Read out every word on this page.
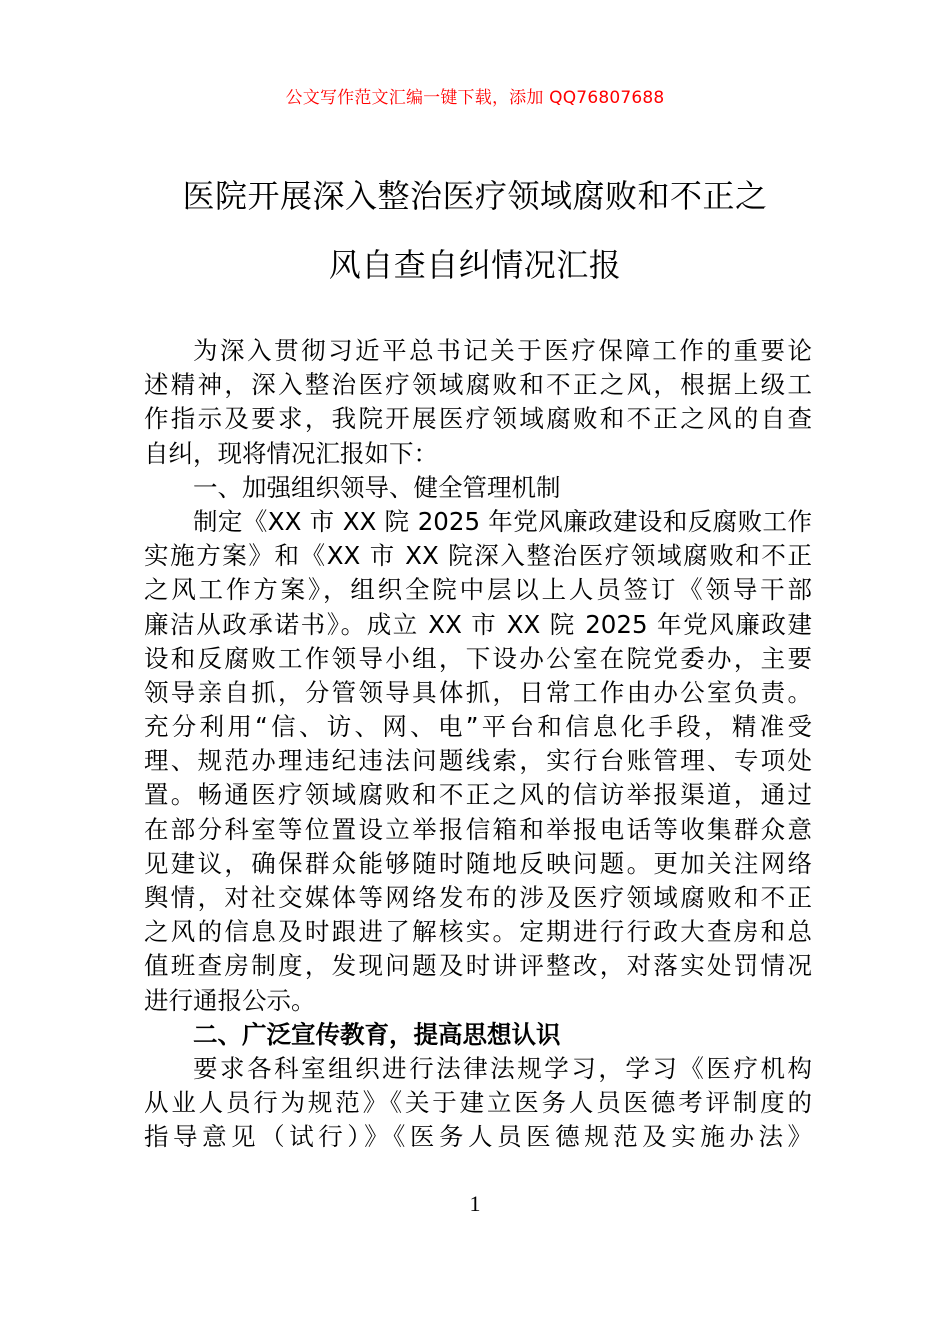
公文写作范文汇编一键下载，添加 QQ76807688
医院开展深入整治医疗领域腐败和不正之
风自查自纠情况汇报
为深入贯彻习近平总书记关于医疗保障工作的重要论
述精神，深入整治医疗领域腐败和不正之风，根据上级工
作指示及要求，我院开展医疗领域腐败和不正之风的自查
自纠，现将情况汇报如下：
一、加强组织领导、健全管理机制
制定《XX 市 XX 院 2025 年党风廉政建设和反腐败工作
实施方案》和《XX 市 XX 院深入整治医疗领域腐败和不正
之风工作方案》，组织全院中层以上人员签订《领导干部
廉洁从政承诺书》。成立 XX 市 XX 院 2025 年党风廉政建
设和反腐败工作领导小组，下设办公室在院党委办，主要
领导亲自抓，分管领导具体抓，日常工作由办公室负责。
充分利用“信、访、网、电”平台和信息化手段，精准受
理、规范办理违纪违法问题线索，实行台账管理、专项处
置。畅通医疗领域腐败和不正之风的信访举报渠道，通过
在部分科室等位置设立举报信箱和举报电话等收集群众意
见建议，确保群众能够随时随地反映问题。更加关注网络
舆情，对社交媒体等网络发布的涉及医疗领域腐败和不正
之风的信息及时跟进了解核实。定期进行行政大查房和总
值班查房制度，发现问题及时讲评整改，对落实处罚情况
进行通报公示。
二、广泛宣传教育，提高思想认识
要求各科室组织进行法律法规学习，学习《医疗机构
从业人员行为规范》《关于建立医务人员医德考评制度的
指导意见（试行）》《医务人员医德规范及实施办法》
1
